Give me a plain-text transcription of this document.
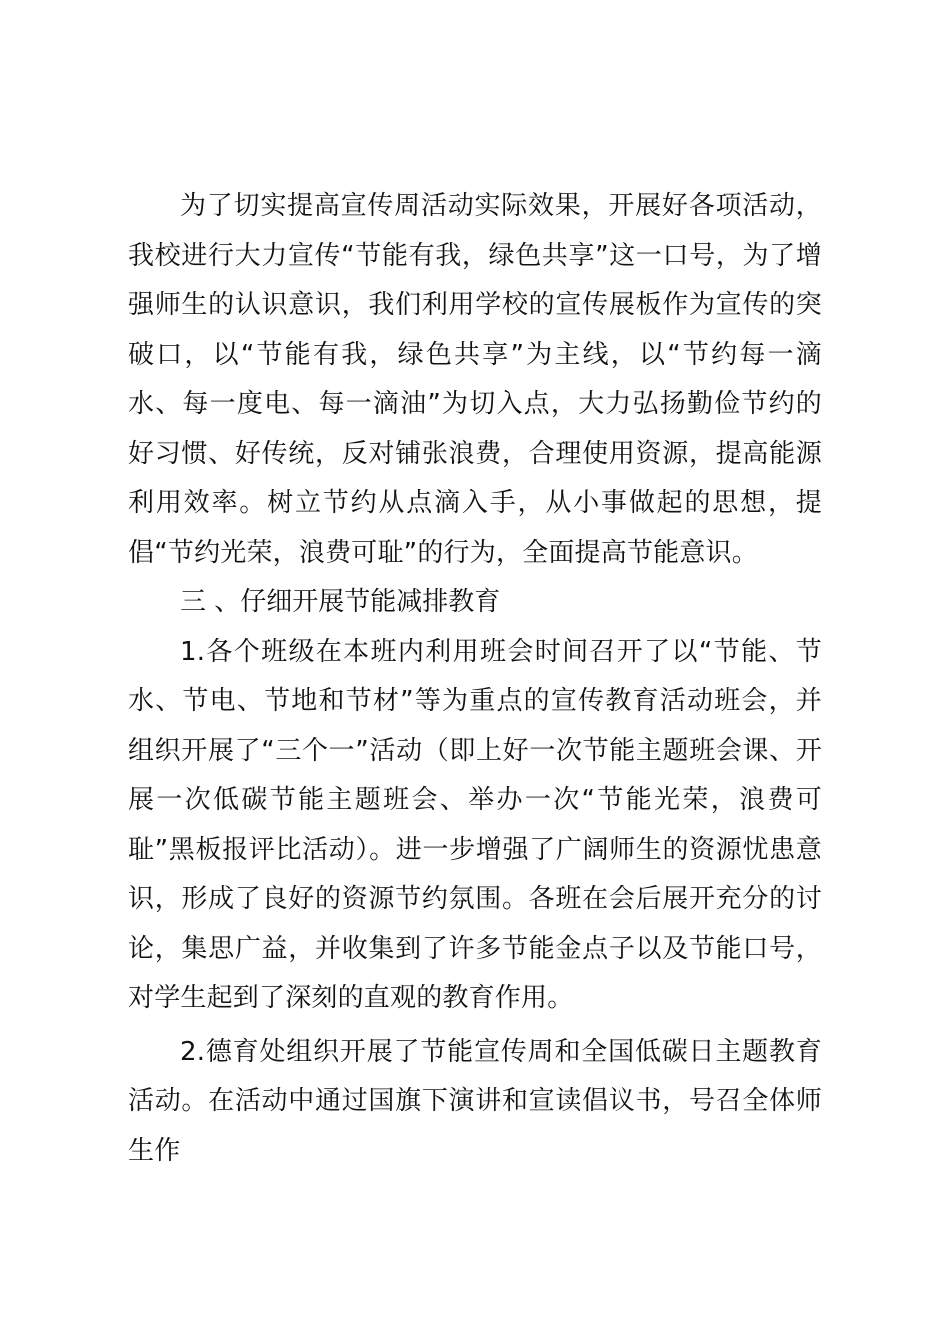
为了切实提高宣传周活动实际效果，开展好各项活动，我校进行大力宣传“节能有我，绿色共享”这一口号，为了增强师生的认识意识，我们利用学校的宣传展板作为宣传的突破口，以“节能有我，绿色共享”为主线，以“节约每一滴水、每一度电、每一滴油”为切入点，大力弘扬勤俭节约的好习惯、好传统，反对铺张浪费，合理使用资源，提高能源利用效率。树立节约从点滴入手，从小事做起的思想，提倡“节约光荣，浪费可耻”的行为，全面提高节能意识。

三 、仔细开展节能减排教育

1.各个班级在本班内利用班会时间召开了以“节能、节水、节电、节地和节材”等为重点的宣传教育活动班会，并组织开展了“三个一”活动（即上好一次节能主题班会课、开展一次低碳节能主题班会、举办一次“节能光荣，浪费可耻”黑板报评比活动）。进一步增强了广阔师生的资源忧患意识，形成了良好的资源节约氛围。各班在会后展开充分的讨论，集思广益，并收集到了许多节能金点子以及节能口号，对学生起到了深刻的直观的教育作用。

2.德育处组织开展了节能宣传周和全国低碳日主题教育活动。在活动中通过国旗下演讲和宣读倡议书，号召全体师生作
